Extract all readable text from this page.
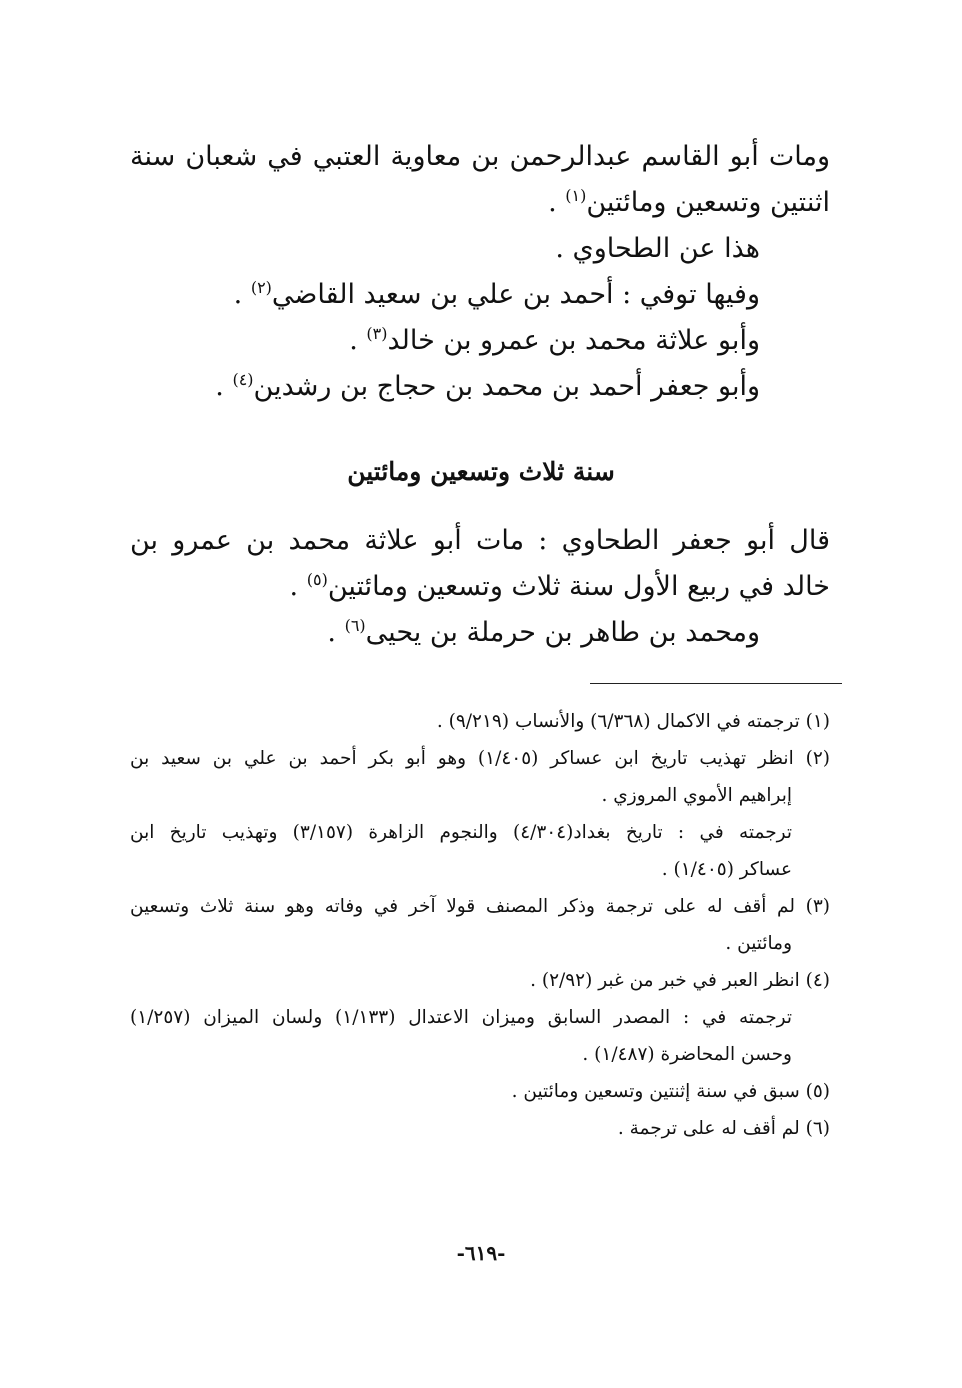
ومات أبو القاسم عبدالرحمن بن معاوية العتبي في شعبان سنة
اثنتين وتسعين ومائتين$^{(١)}$ .
هذا عن الطحاوي .
وفيها توفي : أحمد بن علي بن سعيد القاضي$^{(٢)}$ .
وأبو علاثة محمد بن عمرو بن خالد$^{(٣)}$ .
وأبو جعفر أحمد بن محمد بن حجاج بن رشدين$^{(٤)}$ .
سنة ثلاث وتسعين ومائتين
قال أبو جعفر الطحاوي : مات أبو علاثة محمد بن عمرو بن
خالد في ربيع الأول سنة ثلاث وتسعين ومائتين$^{(٥)}$ .
ومحمد بن طاهر بن حرملة بن يحيى$^{(٦)}$ .
(١) ترجمته في الاكمال (٦/٣٦٨) والأنساب (٩/٢١٩) .
(٢) انظر تهذيب تاريخ ابن عساكر (١/٤٠٥) وهو أبو بكر أحمد بن علي بن سعيد بن
إبراهيم الأموي المروزي .
ترجمته في : تاريخ بغداد(٤/٣٠٤) والنجوم الزاهرة (٣/١٥٧) وتهذيب تاريخ ابن
عساكر (١/٤٠٥) .
(٣) لم أقف له على ترجمة وذكر المصنف قولا آخر في وفاته وهو سنة ثلاث وتسعين
ومائتين .
(٤) انظر العبر في خبر من غبر (٢/٩٢) .
ترجمته في : المصدر السابق وميزان الاعتدال (١/١٣٣) ولسان الميزان (١/٢٥٧)
وحسن المحاضرة (١/٤٨٧) .
(٥) سبق في سنة إثنتين وتسعين ومائتين .
(٦) لم أقف له على ترجمة .
-٦١٩-
